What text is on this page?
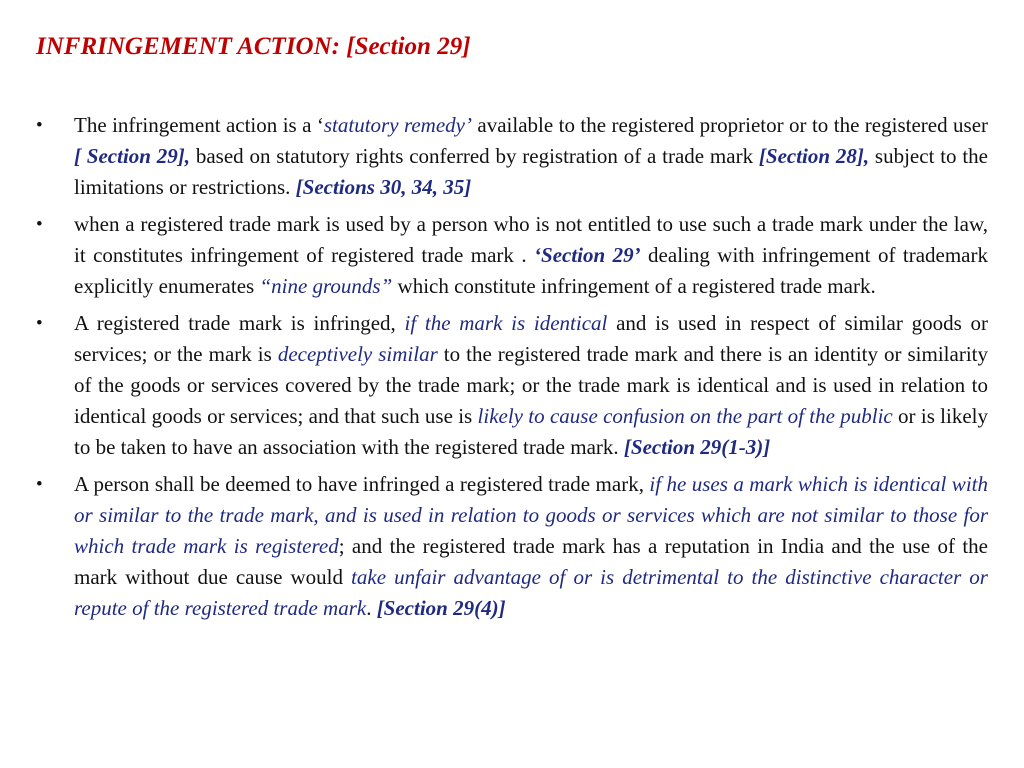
INFRINGEMENT ACTION: [Section 29]
•	The infringement action is a ‘statutory remedy’ available to the registered proprietor or to the registered user [ Section 29], based on statutory rights conferred by registration of a trade mark [Section 28], subject to the limitations or restrictions. [Sections 30, 34, 35]
•	when a registered trade mark is used by a person who is not entitled to use such a trade mark under the law, it constitutes infringement of registered trade mark . ‘Section 29’ dealing with infringement of trademark explicitly enumerates “nine grounds” which constitute infringement of a registered trade mark.
•	A registered trade mark is infringed, if the mark is identical and is used in respect of similar goods or services; or the mark is deceptively similar to the registered trade mark and there is an identity or similarity of the goods or services covered by the trade mark; or the trade mark is identical and is used in relation to identical goods or services; and that such use is likely to cause confusion on the part of the public or is likely to be taken to have an association with the registered trade mark. [Section 29(1-3)]
•	A person shall be deemed to have infringed a registered trade mark, if he uses a mark which is identical with or similar to the trade mark, and is used in relation to goods or services which are not similar to those for which trade mark is registered; and the registered trade mark has a reputation in India and the use of the mark without due cause would take unfair advantage of or is detrimental to the distinctive character or repute of the registered trade mark. [Section 29(4)]
